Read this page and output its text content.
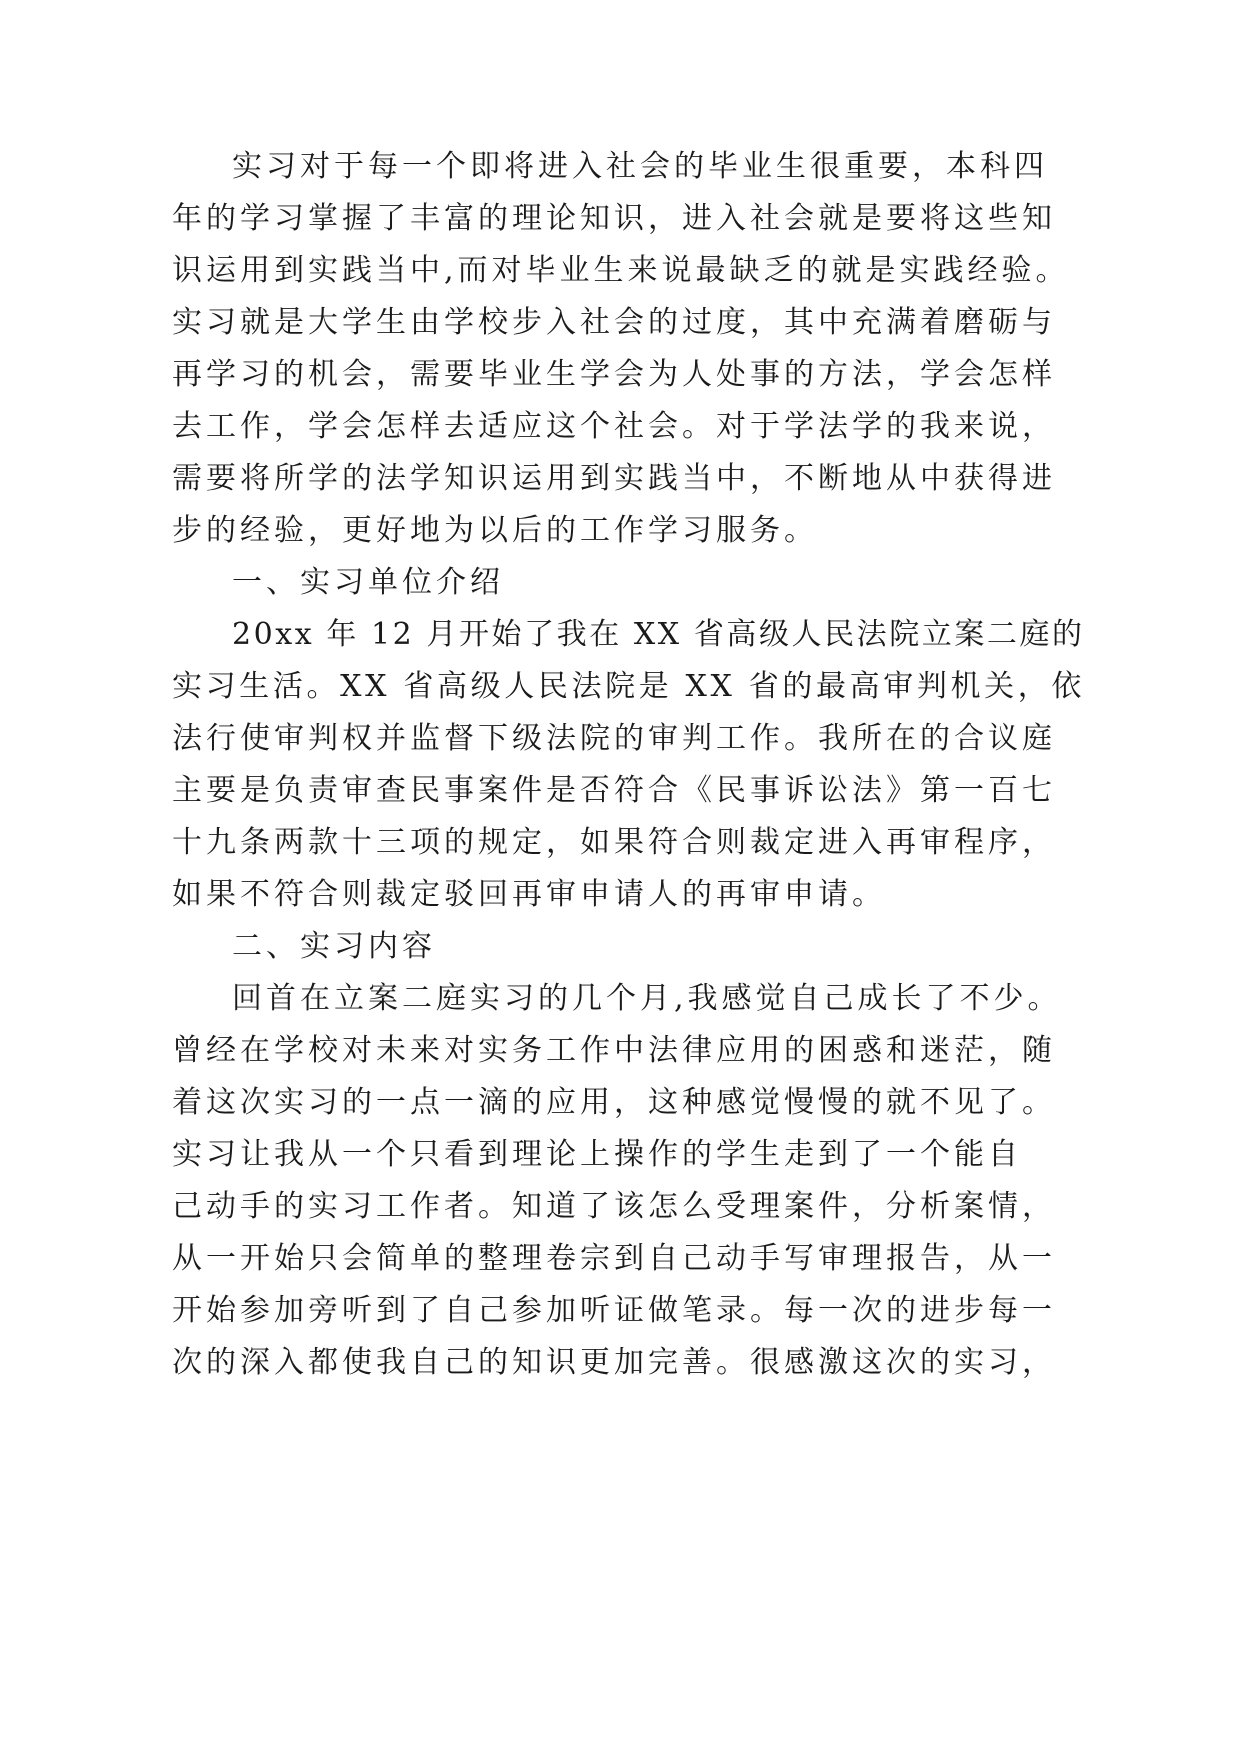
实习对于每一个即将进入社会的毕业生很重要，本科四
年的学习掌握了丰富的理论知识，进入社会就是要将这些知
识运用到实践当中,而对毕业生来说最缺乏的就是实践经验。
实习就是大学生由学校步入社会的过度，其中充满着磨砺与
再学习的机会，需要毕业生学会为人处事的方法，学会怎样
去工作，学会怎样去适应这个社会。对于学法学的我来说，
需要将所学的法学知识运用到实践当中，不断地从中获得进
步的经验，更好地为以后的工作学习服务。
一、实习单位介绍
20xx 年 12 月开始了我在 XX 省高级人民法院立案二庭的
实习生活。XX 省高级人民法院是 XX 省的最高审判机关，依
法行使审判权并监督下级法院的审判工作。我所在的合议庭
主要是负责审查民事案件是否符合《民事诉讼法》第一百七
十九条两款十三项的规定，如果符合则裁定进入再审程序，
如果不符合则裁定驳回再审申请人的再审申请。
二、实习内容
回首在立案二庭实习的几个月,我感觉自己成长了不少。
曾经在学校对未来对实务工作中法律应用的困惑和迷茫，随
着这次实习的一点一滴的应用，这种感觉慢慢的就不见了。
实习让我从一个只看到理论上操作的学生走到了一个能自
己动手的实习工作者。知道了该怎么受理案件，分析案情，
从一开始只会简单的整理卷宗到自己动手写审理报告，从一
开始参加旁听到了自己参加听证做笔录。每一次的进步每一
次的深入都使我自己的知识更加完善。很感激这次的实习，
